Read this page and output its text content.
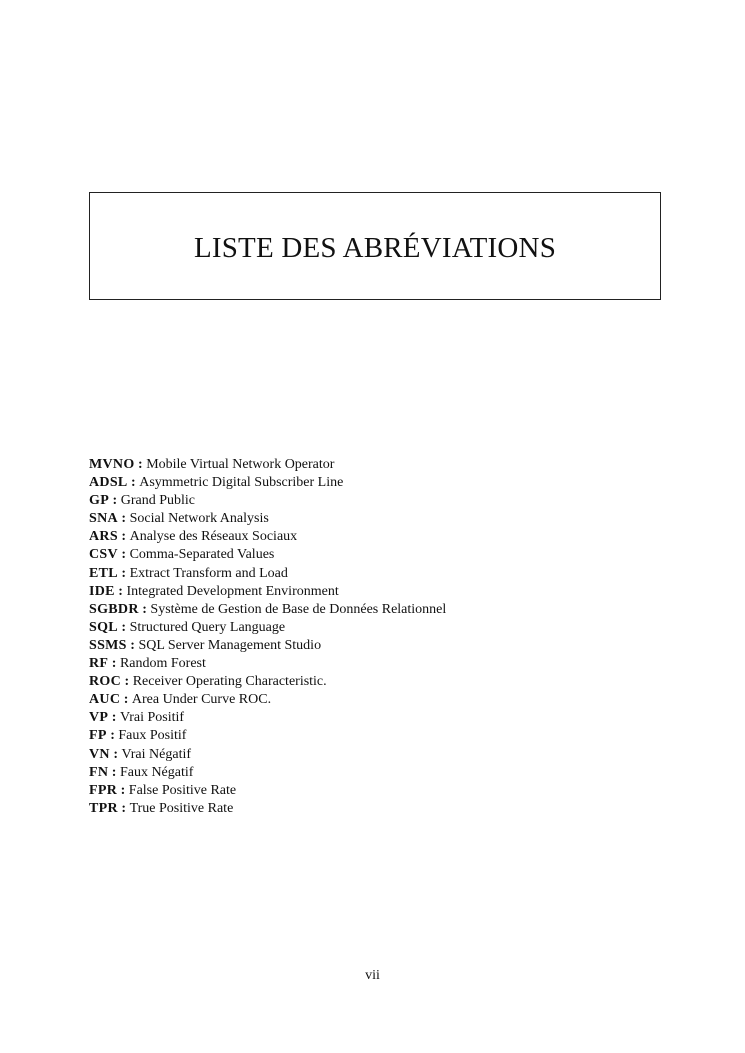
LISTE DES ABRÉVIATIONS
MVNO : Mobile Virtual Network Operator
ADSL : Asymmetric Digital Subscriber Line
GP : Grand Public
SNA : Social Network Analysis
ARS : Analyse des Réseaux Sociaux
CSV : Comma-Separated Values
ETL : Extract Transform and Load
IDE : Integrated Development Environment
SGBDR : Système de Gestion de Base de Données Relationnel
SQL : Structured Query Language
SSMS : SQL Server Management Studio
RF : Random Forest
ROC : Receiver Operating Characteristic.
AUC : Area Under Curve ROC.
VP : Vrai Positif
FP : Faux Positif
VN : Vrai Négatif
FN : Faux Négatif
FPR : False Positive Rate
TPR : True Positive Rate
vii
